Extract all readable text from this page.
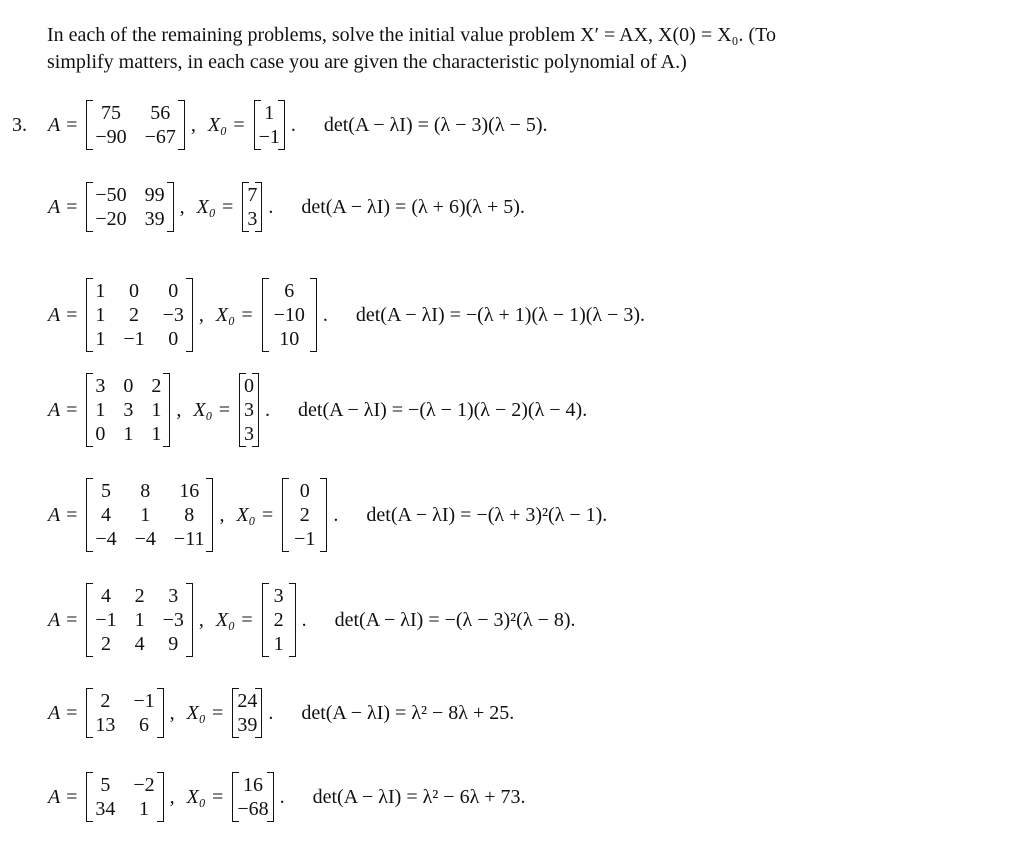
In each of the remaining problems, solve the initial value problem X′ = AX, X(0) = X₀. (To
simplify matters, in each case you are given the characteristic polynomial of A.)
3. A =
75 56
−90 −67
, X₀ =
1
−1
. det(A − λI) = (λ − 3)(λ − 5).
A =
−50 99
−20 39
, X₀ =
7
3
. det(A − λI) = (λ + 6)(λ + 5).
A =
1 0 0
1 2 −3
1 −1 0
, X₀ =
6
−10
10
. det(A − λI) = −(λ + 1)(λ − 1)(λ − 3).
A =
3 0 2
1 3 1
0 1 1
, X₀ =
0
3
3
. det(A − λI) = −(λ − 1)(λ − 2)(λ − 4).
A =
5 8 16
4 1	8
−4 −4 −11
, X₀ =
0
2
−1
. det(A − λI) = −(λ + 3)²(λ − 1).
A =
4 2 3
−1 1 −3
2 4 9
, X₀ =
3
2
1
. det(A − λI) = −(λ − 3)²(λ − 8).
A =
2 −1
13 6
, X₀ =
24
39
. det(A − λI) = λ² − 8λ + 25.
A =
5 −2
34 1
, X₀ =
16
−68
. det(A − λI) = λ² − 6λ + 73.
